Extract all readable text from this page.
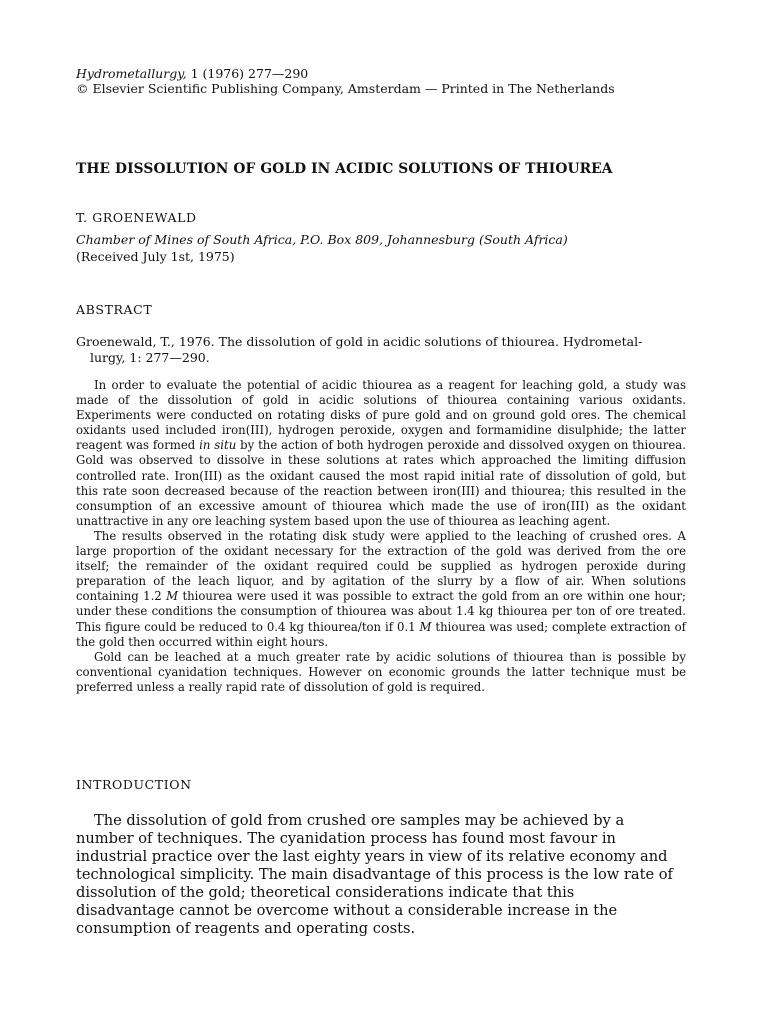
Hydrometallurgy, 1 (1976) 277—290
© Elsevier Scientific Publishing Company, Amsterdam — Printed in The Netherlands
THE DISSOLUTION OF GOLD IN ACIDIC SOLUTIONS OF THIOUREA
T. GROENEWALD
Chamber of Mines of South Africa, P.O. Box 809, Johannesburg (South Africa)
(Received July 1st, 1975)
ABSTRACT
Groenewald, T., 1976. The dissolution of gold in acidic solutions of thiourea. Hydrometal-
lurgy, 1: 277—290.

In order to evaluate the potential of acidic thiourea as a reagent for leaching gold, a study was made of the dissolution of gold in acidic solutions of thiourea containing various oxidants. Experiments were conducted on rotating disks of pure gold and on ground gold ores. The chemical oxidants used included iron(III), hydrogen peroxide, oxygen and formamidine disulphide; the latter reagent was formed in situ by the action of both hydrogen peroxide and dissolved oxygen on thiourea. Gold was observed to dissolve in these solutions at rates which approached the limiting diffusion controlled rate. Iron(III) as the oxidant caused the most rapid initial rate of dissolution of gold, but this rate soon decreased because of the reaction between iron(III) and thiourea; this resulted in the consumption of an excessive amount of thiourea which made the use of iron(III) as the oxidant unattractive in any ore leaching system based upon the use of thiourea as leaching agent.

The results observed in the rotating disk study were applied to the leaching of crushed ores. A large proportion of the oxidant necessary for the extraction of the gold was derived from the ore itself; the remainder of the oxidant required could be supplied as hydrogen peroxide during preparation of the leach liquor, and by agitation of the slurry by a flow of air. When solutions containing 1.2 M thiourea were used it was possible to extract the gold from an ore within one hour; under these conditions the consumption of thiourea was about 1.4 kg thiourea per ton of ore treated. This figure could be reduced to 0.4 kg thiourea/ton if 0.1 M thiourea was used; complete extraction of the gold then occurred within eight hours.

Gold can be leached at a much greater rate by acidic solutions of thiourea than is possible by conventional cyanidation techniques. However on economic grounds the latter technique must be preferred unless a really rapid rate of dissolution of gold is required.

INTRODUCTION

The dissolution of gold from crushed ore samples may be achieved by a number of techniques. The cyanidation process has found most favour in industrial practice over the last eighty years in view of its relative economy and technological simplicity. The main disadvantage of this process is the low rate of dissolution of the gold; theoretical considerations indicate that this disadvantage cannot be overcome without a considerable increase in the consumption of reagents and operating costs.
